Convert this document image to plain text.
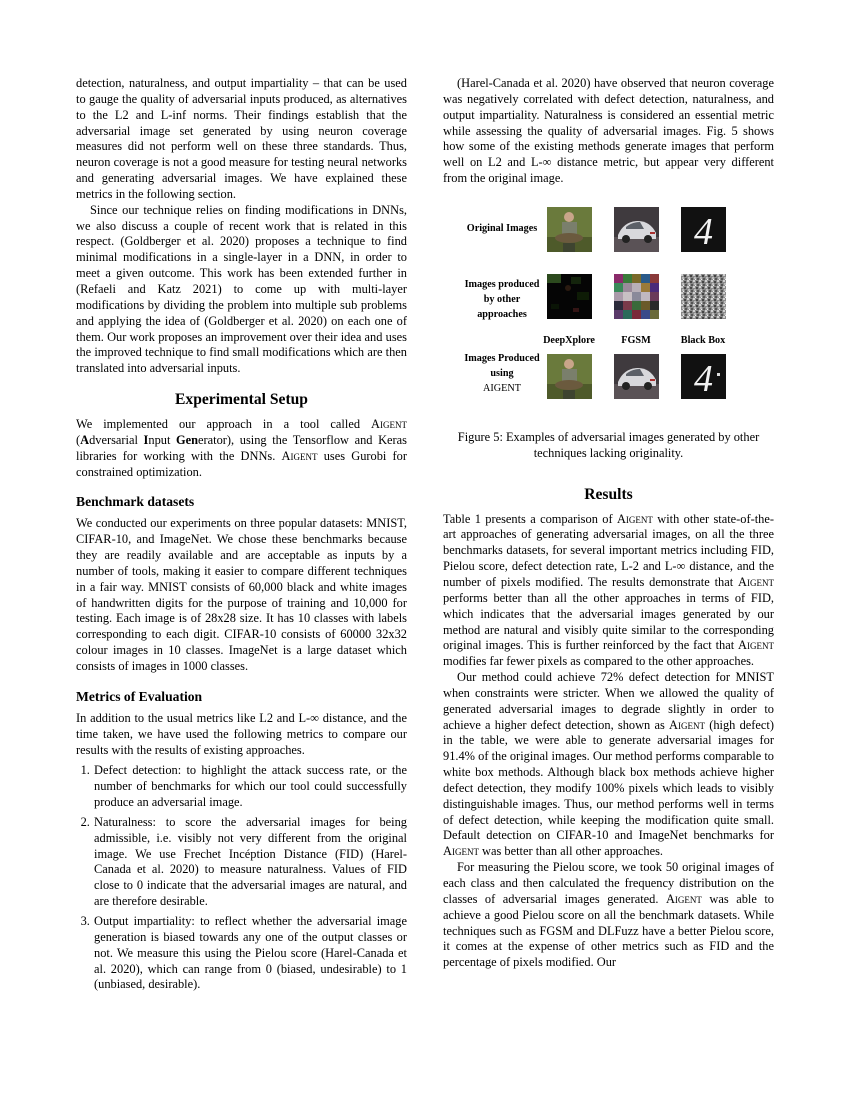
detection, naturalness, and output impartiality – that can be used to gauge the quality of adversarial inputs produced, as alternatives to the L2 and L-inf norms. Their findings establish that the adversarial image set generated by using neuron coverage measures did not perform well on these three standards. Thus, neuron coverage is not a good measure for testing neural networks and generating adversarial images. We have explained these metrics in the following section.

Since our technique relies on finding modifications in DNNs, we also discuss a couple of recent work that is related in this respect. (Goldberger et al. 2020) proposes a technique to find minimal modifications in a single-layer in a DNN, in order to meet a given outcome. This work has been extended further in (Refaeli and Katz 2021) to come up with multi-layer modifications by dividing the problem into multiple sub problems and applying the idea of (Goldberger et al. 2020) on each one of them. Our work proposes an improvement over their idea and uses the improved technique to find small modifications which are then translated into adversarial inputs.

Experimental Setup

We implemented our approach in a tool called Aigent (Adversarial Input Generator), using the Tensorflow and Keras libraries for working with the DNNs. Aigent uses Gurobi for constrained optimization.

Benchmark datasets

We conducted our experiments on three popular datasets: MNIST, CIFAR-10, and ImageNet. We chose these benchmarks because they are readily available and are acceptable as inputs by a number of tools, making it easier to compare different techniques in a fair way. MNIST consists of 60,000 black and white images of handwritten digits for the purpose of training and 10,000 for testing. Each image is of 28x28 size. It has 10 classes with labels corresponding to each digit. CIFAR-10 consists of 60000 32x32 colour images in 10 classes. ImageNet is a large dataset which consists of images in 1000 classes.

Metrics of Evaluation

In addition to the usual metrics like L2 and L-∞ distance, and the time taken, we have used the following metrics to compare our results with the results of existing approaches.

1. Defect detection: to highlight the attack success rate, or the number of benchmarks for which our tool could successfully produce an adversarial image.
2. Naturalness: to score the adversarial images for being admissible, i.e. visibly not very different from the original image. We use Frechet Incéption Distance (FID) (Harel-Canada et al. 2020) to measure naturalness. Values of FID close to 0 indicate that the adversarial images are natural, and are therefore desirable.
3. Output impartiality: to reflect whether the adversarial image generation is biased towards any one of the output classes or not. We measure this using the Pielou score (Harel-Canada et al. 2020), which can range from 0 (biased, undesirable) to 1 (unbiased, desirable).

(Harel-Canada et al. 2020) have observed that neuron coverage was negatively correlated with defect detection, naturalness, and output impartiality. Naturalness is considered an essential metric while assessing the quality of adversarial images. Fig. 5 shows how some of the existing methods generate images that perform well on L2 and L-∞ distance metric, but appear very different from the original image.

Original Images
Images produced by other approaches
Images Produced using
AIGENT
4
DeepXplore	FGSM	Black Box
4

Figure 5: Examples of adversarial images generated by other techniques lacking originality.

Results

Table 1 presents a comparison of Aigent with other state-of-the-art approaches of generating adversarial images, on all the three benchmarks datasets, for several important metrics including FID, Pielou score, defect detection rate, L-2 and L-∞ distance, and the number of pixels modified. The results demonstrate that Aigent performs better than all the other approaches in terms of FID, which indicates that the adversarial images generated by our method are natural and visibly quite similar to the corresponding original images. This is further reinforced by the fact that Aigent modifies far fewer pixels as compared to the other approaches.

Our method could achieve 72% defect detection for MNIST when constraints were stricter. When we allowed the quality of generated adversarial images to degrade slightly in order to achieve a higher defect detection, shown as Aigent (high defect) in the table, we were able to generate adversarial images for 91.4% of the original images. Our method performs comparable to white box methods. Although black box methods achieve higher defect detection, they modify 100% pixels which leads to visibly distinguishable images. Thus, our method performs well in terms of defect detection, while keeping the modification quite small. Default detection on CIFAR-10 and ImageNet benchmarks for Aigent was better than all other approaches.

For measuring the Pielou score, we took 50 original images of each class and then calculated the frequency distribution on the classes of adversarial images generated. Aigent was able to achieve a good Pielou score on all the benchmark datasets. While techniques such as FGSM and DLFuzz have a better Pielou score, it comes at the expense of other metrics such as FID and the percentage of pixels modified. Our
